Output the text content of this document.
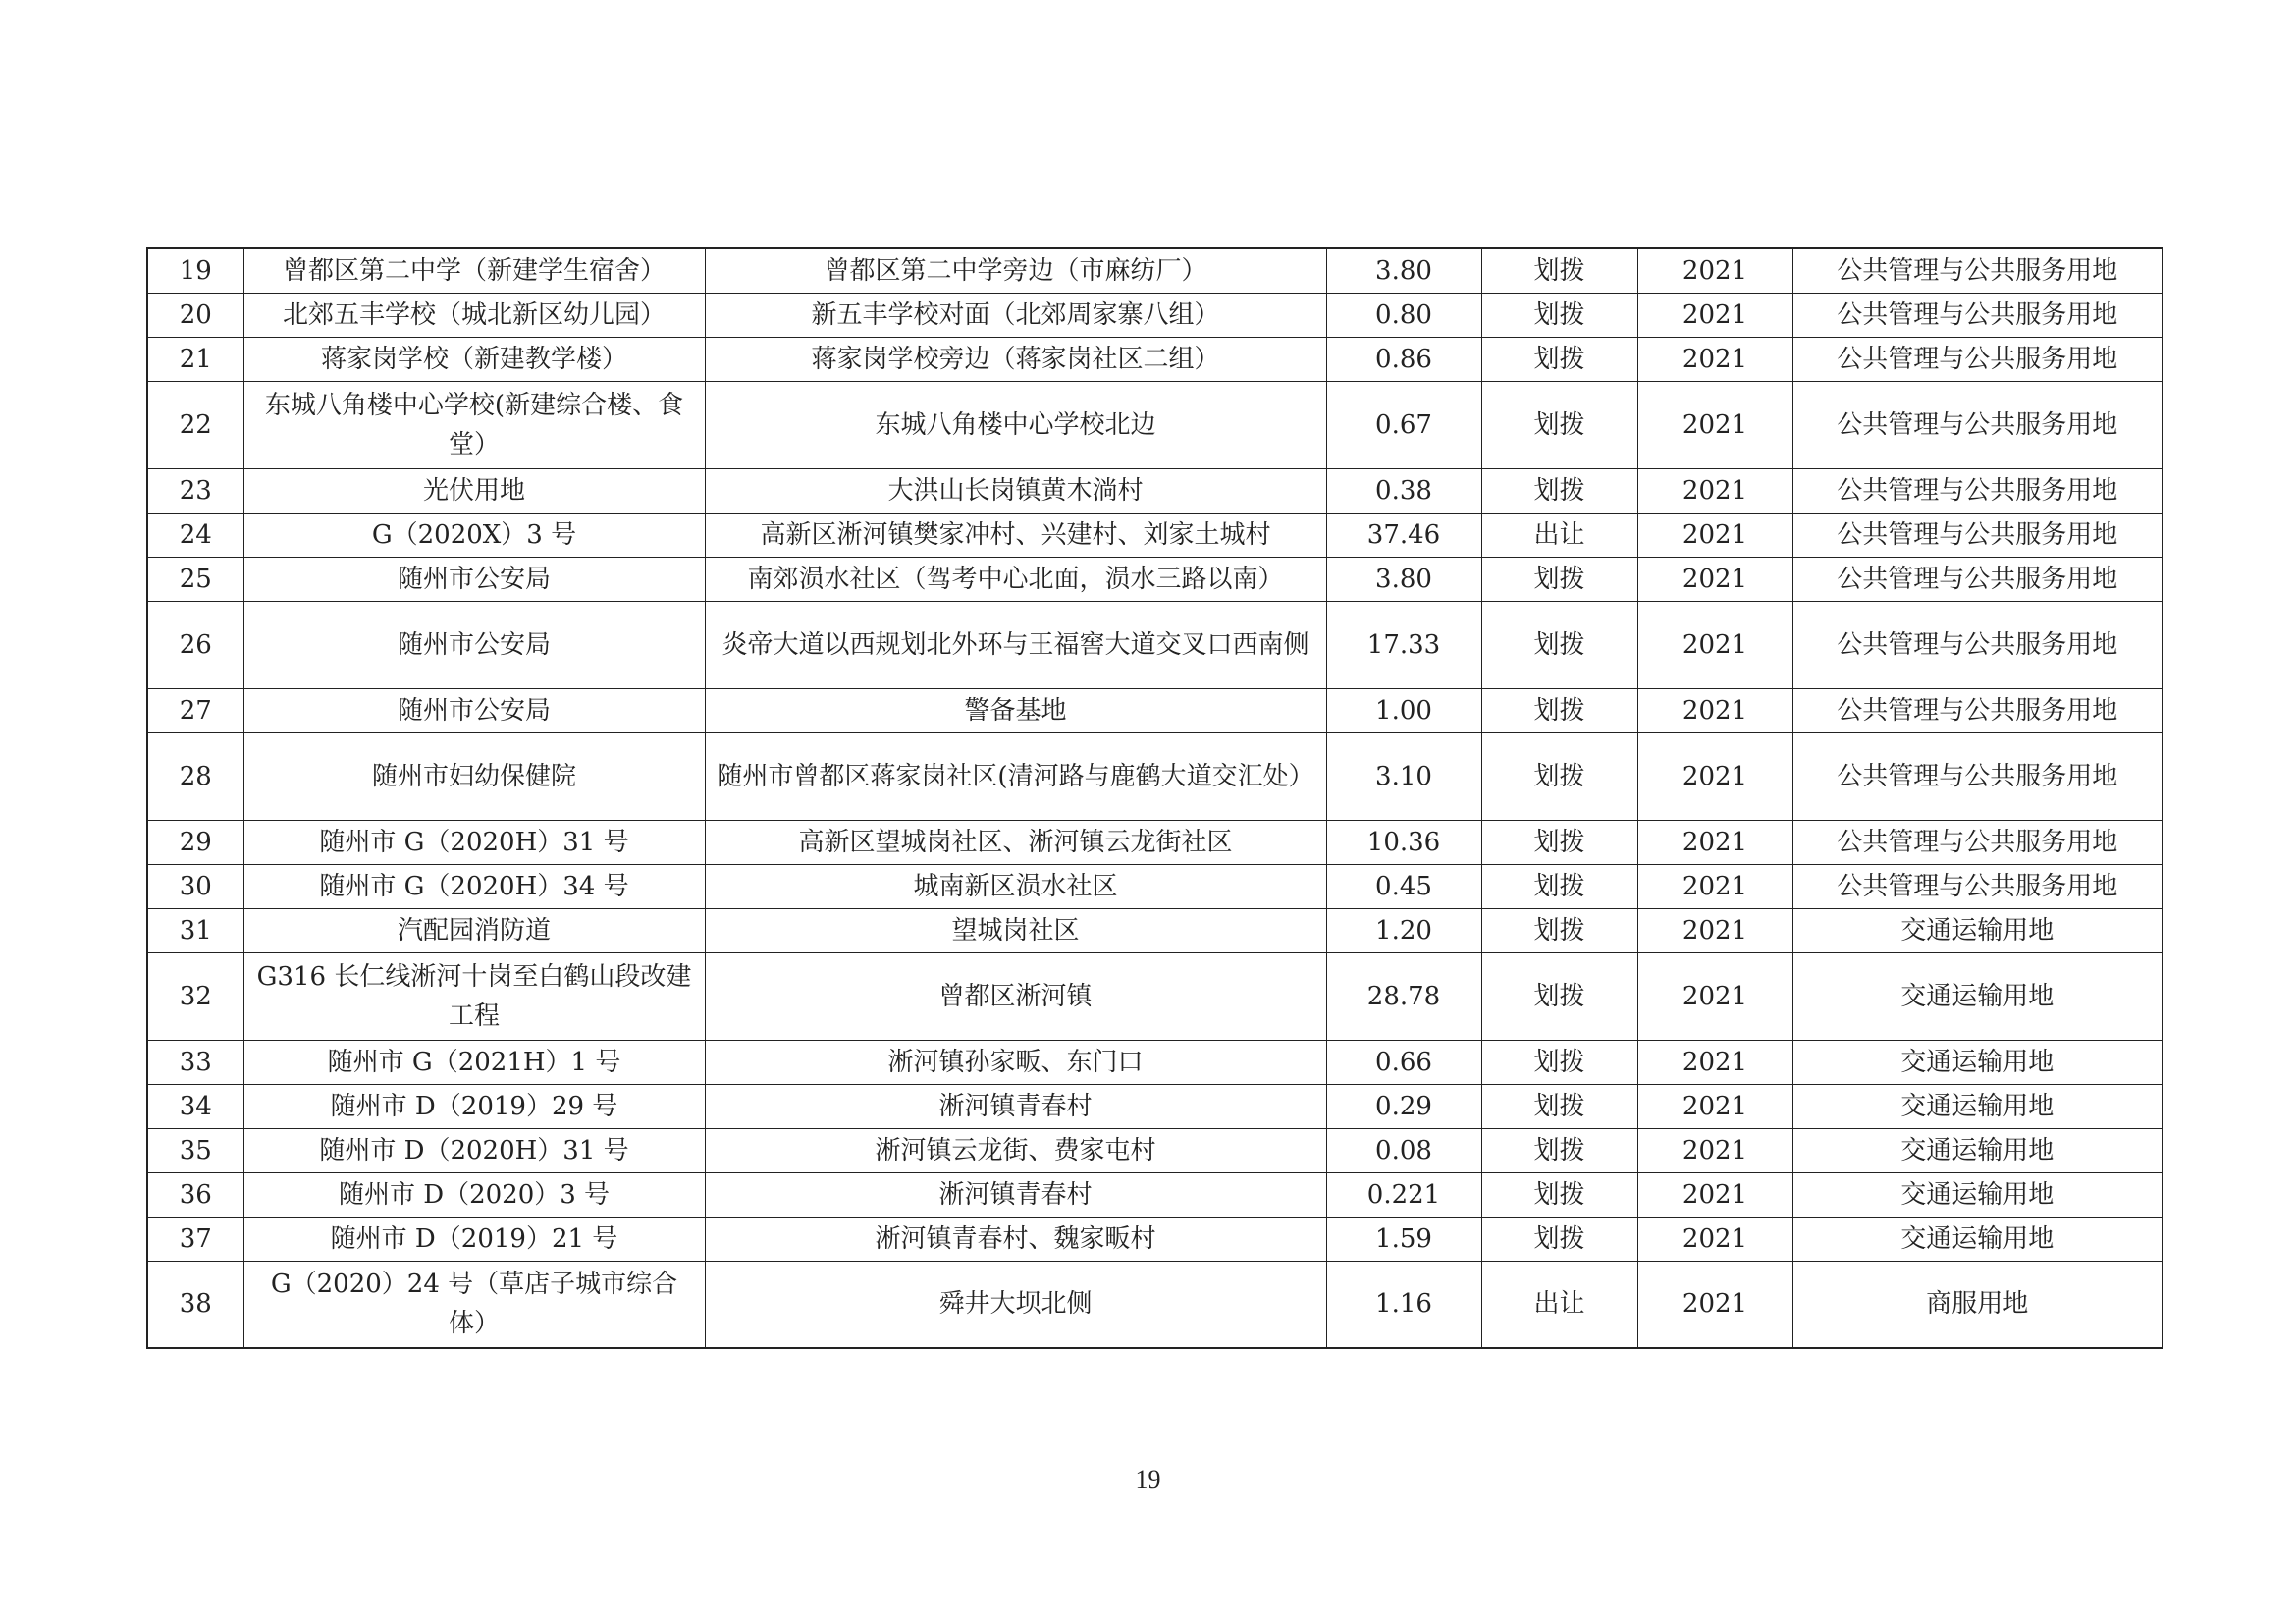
19	曾都区第二中学（新建学生宿舍）	曾都区第二中学旁边（市麻纺厂）	3.80	划拨	2021	公共管理与公共服务用地
20	北郊五丰学校（城北新区幼儿园）	新五丰学校对面（北郊周家寨八组）	0.80	划拨	2021	公共管理与公共服务用地
21	蒋家岗学校（新建教学楼）	蒋家岗学校旁边（蒋家岗社区二组）	0.86	划拨	2021	公共管理与公共服务用地
22	东城八角楼中心学校(新建综合楼、食堂）	东城八角楼中心学校北边	0.67	划拨	2021	公共管理与公共服务用地
23	光伏用地	大洪山长岗镇黄木淌村	0.38	划拨	2021	公共管理与公共服务用地
24	G（2020X）3 号	高新区淅河镇樊家冲村、兴建村、刘家土城村	37.46	出让	2021	公共管理与公共服务用地
25	随州市公安局	南郊涢水社区（驾考中心北面，涢水三路以南）	3.80	划拨	2021	公共管理与公共服务用地
26	随州市公安局	炎帝大道以西规划北外环与王福窖大道交叉口西南侧	17.33	划拨	2021	公共管理与公共服务用地
27	随州市公安局	警备基地	1.00	划拨	2021	公共管理与公共服务用地
28	随州市妇幼保健院	随州市曾都区蒋家岗社区(清河路与鹿鹤大道交汇处）	3.10	划拨	2021	公共管理与公共服务用地
29	随州市 G（2020H）31 号	高新区望城岗社区、淅河镇云龙街社区	10.36	划拨	2021	公共管理与公共服务用地
30	随州市 G（2020H）34 号	城南新区涢水社区	0.45	划拨	2021	公共管理与公共服务用地
31	汽配园消防道	望城岗社区	1.20	划拨	2021	交通运输用地
32	G316 长仁线淅河十岗至白鹤山段改建工程	曾都区淅河镇	28.78	划拨	2021	交通运输用地
33	随州市 G（2021H）1 号	淅河镇孙家畈、东门口	0.66	划拨	2021	交通运输用地
34	随州市 D（2019）29 号	淅河镇青春村	0.29	划拨	2021	交通运输用地
35	随州市 D（2020H）31 号	淅河镇云龙街、费家屯村	0.08	划拨	2021	交通运输用地
36	随州市 D（2020）3 号	淅河镇青春村	0.221	划拨	2021	交通运输用地
37	随州市 D（2019）21 号	淅河镇青春村、魏家畈村	1.59	划拨	2021	交通运输用地
38	G（2020）24 号（草店子城市综合体）	舜井大坝北侧	1.16	出让	2021	商服用地
19
